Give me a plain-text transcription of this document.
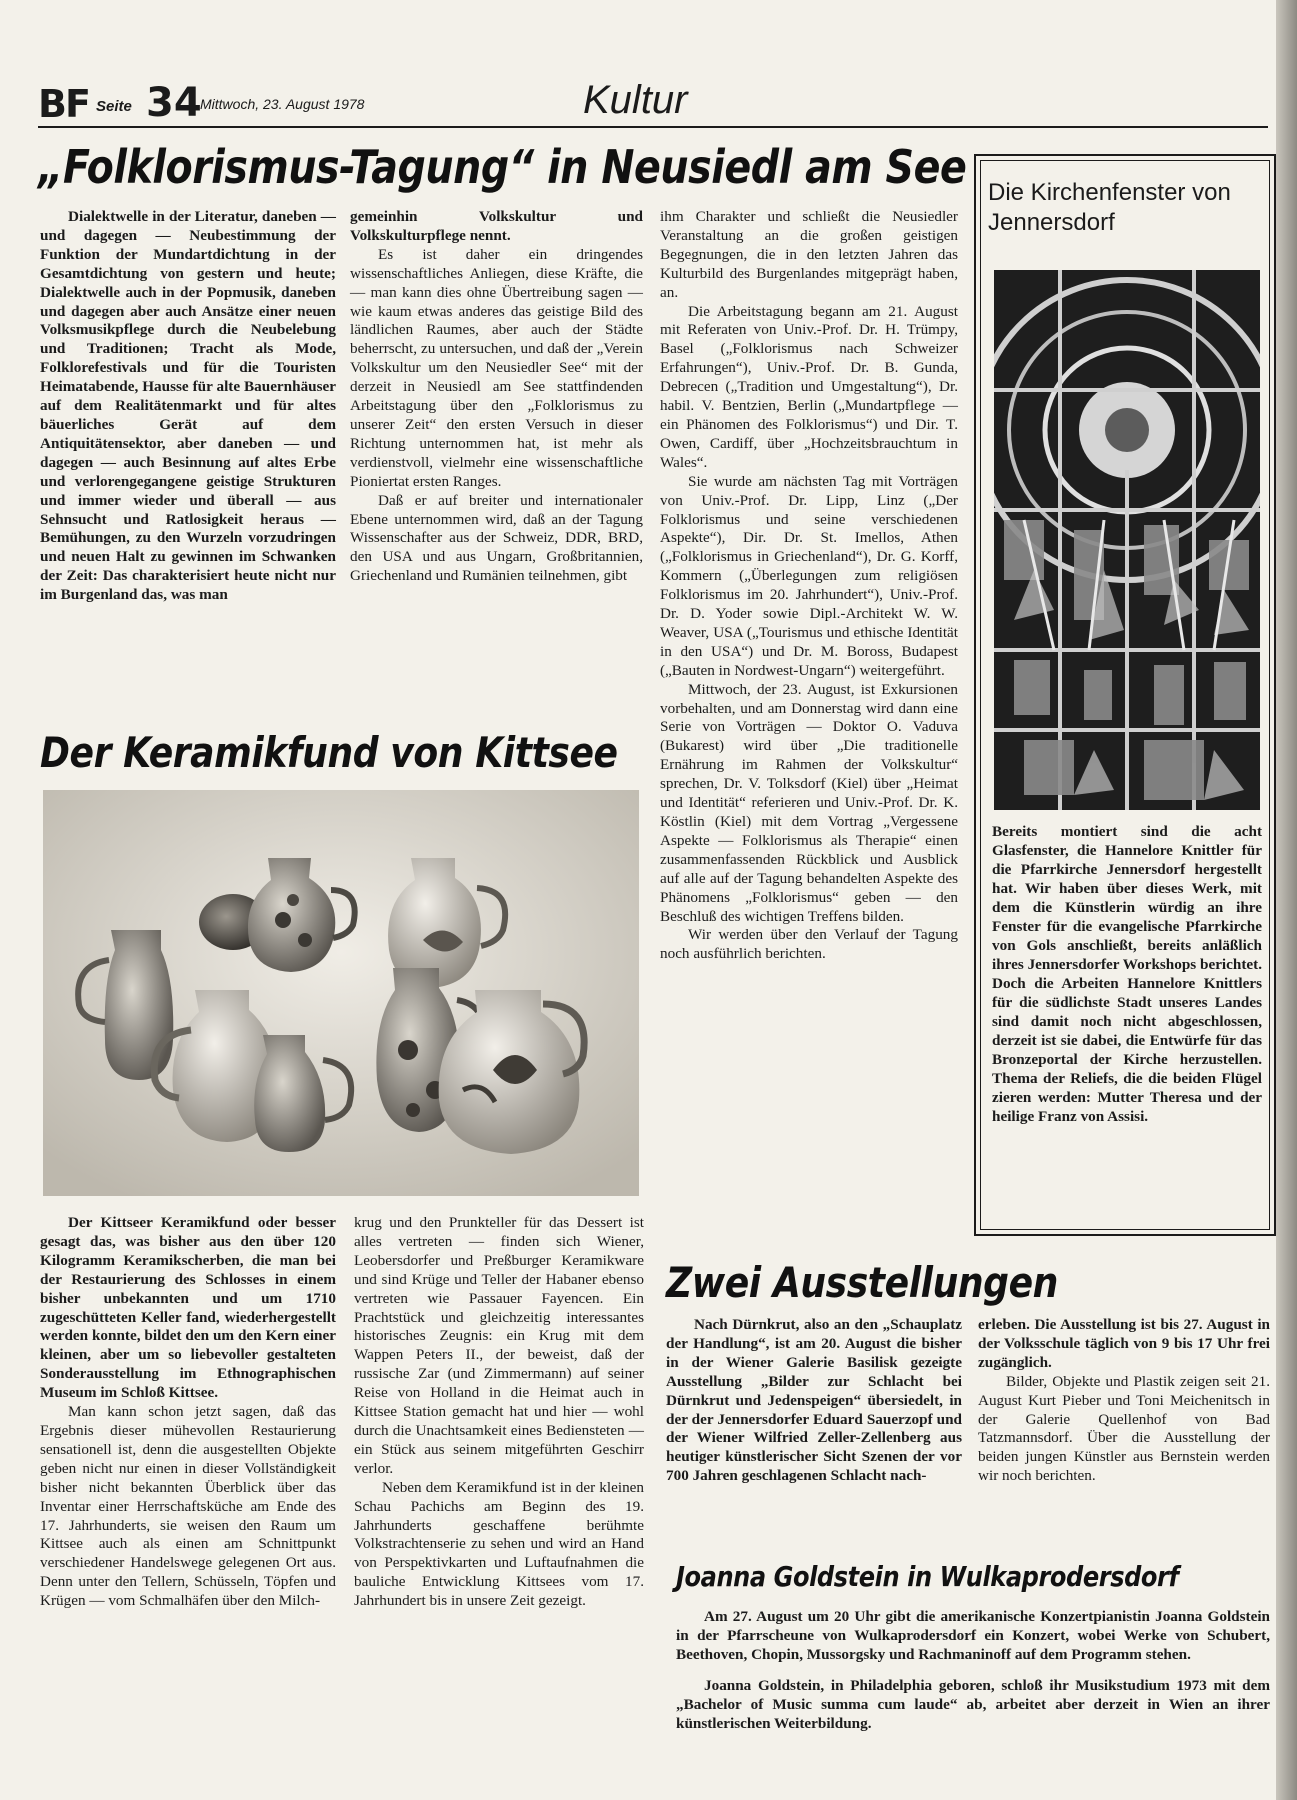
BF Seite 34
Mittwoch, 23. August 1978	Kultur
„Folklorismus-Tagung“ in Neusiedl am See

Dialektwelle in der Literatur, daneben — und dagegen — Neubestimmung der Funktion der Mundartdichtung in der Gesamtdichtung von gestern und heute; Dialektwelle auch in der Popmusik, daneben und dagegen aber auch Ansätze einer neuen Volksmusikpflege durch die Neubelebung und Traditionen; Tracht als Mode, Folklorefestivals und für die Touristen Heimatabende, Hausse für alte Bauernhäuser auf dem Realitätenmarkt und für altes bäuerliches Gerät auf dem Antiquitätensektor, aber daneben — und dagegen — auch Besinnung auf altes Erbe und verlorengegangene geistige Strukturen und immer wieder und überall — aus Sehnsucht und Ratlosigkeit heraus — Bemühungen, zu den Wurzeln vorzudringen und neuen Halt zu gewinnen im Schwanken der Zeit: Das charakterisiert heute nicht nur im Burgenland das, was man

gemeinhin Volkskultur und Volkskulturpflege nennt.

Es ist daher ein dringendes wissenschaftliches Anliegen, diese Kräfte, die — man kann dies ohne Übertreibung sagen — wie kaum etwas anderes das geistige Bild des ländlichen Raumes, aber auch der Städte beherrscht, zu untersuchen, und daß der „Verein Volkskultur um den Neusiedler See“ mit der derzeit in Neusiedl am See stattfindenden Arbeitstagung über den „Folklorismus zu unserer Zeit“ den ersten Versuch in dieser Richtung unternommen hat, ist mehr als verdienstvoll, vielmehr eine wissenschaftliche Pioniertat ersten Ranges.

Daß er auf breiter und internationaler Ebene unternommen wird, daß an der Tagung Wissenschafter aus der Schweiz, DDR, BRD, den USA und aus Ungarn, Großbritannien, Griechenland und Rumänien teilnehmen, gibt

ihm Charakter und schließt die Neusiedler Veranstaltung an die großen geistigen Begegnungen, die in den letzten Jahren das Kulturbild des Burgenlandes mitgeprägt haben, an.

Die Arbeitstagung begann am 21. August mit Referaten von Univ.-Prof. Dr. H. Trümpy, Basel („Folklorismus nach Schweizer Erfahrungen“), Univ.-Prof. Dr. B. Gunda, Debrecen („Tradition und Umgestaltung“), Dr. habil. V. Bentzien, Berlin („Mundartpflege — ein Phänomen des Folklorismus“) und Dir. T. Owen, Cardiff, über „Hochzeitsbrauchtum in Wales“.

Sie wurde am nächsten Tag mit Vorträgen von Univ.-Prof. Dr. Lipp, Linz („Der Folklorismus und seine verschiedenen Aspekte“), Dir. Dr. St. Imellos, Athen („Folklorismus in Griechenland“), Dr. G. Korff, Kommern („Überlegungen zum religiösen Folklorismus im 20. Jahrhundert“), Univ.-Prof. Dr. D. Yoder sowie Dipl.-Architekt W. W. Weaver, USA („Tourismus und ethische Identität in den USA“) und Dr. M. Boross, Budapest („Bauten in Nordwest-Ungarn“) weitergeführt.

Mittwoch, der 23. August, ist Exkursionen vorbehalten, und am Donnerstag wird dann eine Serie von Vorträgen — Doktor O. Vaduva (Bukarest) wird über „Die traditionelle Ernährung im Rahmen der Volkskultur“ sprechen, Dr. V. Tolksdorf (Kiel) über „Heimat und Identität“ referieren und Univ.-Prof. Dr. K. Köstlin (Kiel) mit dem Vortrag „Vergessene Aspekte — Folklorismus als Therapie“ einen zusammenfassenden Rückblick und Ausblick auf alle auf der Tagung behandelten Aspekte des Phänomens „Folklorismus“ geben — den Beschluß des wichtigen Treffens bilden.

Wir werden über den Verlauf der Tagung noch ausführlich berichten.

Der Keramikfund von Kittsee

Der Kittseer Keramikfund oder besser gesagt das, was bisher aus den über 120 Kilogramm Keramikscherben, die man bei der Restaurierung des Schlosses in einem bisher unbekannten und um 1710 zugeschütteten Keller fand, wiederhergestellt werden konnte, bildet den um den Kern einer kleinen, aber um so liebevoller gestalteten Sonderausstellung im Ethnographischen Museum im Schloß Kittsee.

Man kann schon jetzt sagen, daß das Ergebnis dieser mühevollen Restaurierung sensationell ist, denn die ausgestellten Objekte geben nicht nur einen in dieser Vollständigkeit bisher nicht bekannten Überblick über das Inventar einer Herrschaftsküche am Ende des 17. Jahrhunderts, sie weisen den Raum um Kittsee auch als einen am Schnittpunkt verschiedener Handelswege gelegenen Ort aus. Denn unter den Tellern, Schüsseln, Töpfen und Krügen — vom Schmalhäfen über den Milch-

krug und den Prunkteller für das Dessert ist alles vertreten — finden sich Wiener, Leobersdorfer und Preßburger Keramikware und sind Krüge und Teller der Habaner ebenso vertreten wie Passauer Fayencen. Ein Prachtstück und gleichzeitig interessantes historisches Zeugnis: ein Krug mit dem Wappen Peters II., der beweist, daß der russische Zar (und Zimmermann) auf seiner Reise von Holland in die Heimat auch in Kittsee Station gemacht hat und hier — wohl durch die Unachtsamkeit eines Bediensteten — ein Stück aus seinem mitgeführten Geschirr verlor.

Neben dem Keramikfund ist in der kleinen Schau Pachichs am Beginn des 19. Jahrhunderts geschaffene berühmte Volkstrachtenserie zu sehen und wird an Hand von Perspektivkarten und Luftaufnahmen die bauliche Entwicklung Kittsees vom 17. Jahrhundert bis in unsere Zeit gezeigt.

Die Kirchenfenster von Jennersdorf
Bereits montiert sind die acht Glasfenster, die Hannelore Knittler für die Pfarrkirche Jennersdorf hergestellt hat. Wir haben über dieses Werk, mit dem die Künstlerin würdig an ihre Fenster für die evangelische Pfarrkirche von Gols anschließt, bereits anläßlich ihres Jennersdorfer Workshops berichtet. Doch die Arbeiten Hannelore Knittlers für die südlichste Stadt unseres Landes sind damit noch nicht abgeschlossen, derzeit ist sie dabei, die Entwürfe für das Bronzeportal der Kirche herzustellen. Thema der Reliefs, die die beiden Flügel zieren werden: Mutter Theresa und der heilige Franz von Assisi.
Zwei Ausstellungen

Nach Dürnkrut, also an den „Schauplatz der Handlung“, ist am 20. August die bisher in der Wiener Galerie Basilisk gezeigte Ausstellung „Bilder zur Schlacht bei Dürnkrut und Jedenspeigen“ übersiedelt, in der der Jennersdorfer Eduard Sauerzopf und der Wiener Wilfried Zeller-Zellenberg aus heutiger künstlerischer Sicht Szenen der vor 700 Jahren geschlagenen Schlacht nach-

erleben. Die Ausstellung ist bis 27. August in der Volksschule täglich von 9 bis 17 Uhr frei zugänglich.

Bilder, Objekte und Plastik zeigen seit 21. August Kurt Pieber und Toni Meichenitsch in der Galerie Quellenhof von Bad Tatzmannsdorf. Über die Ausstellung der beiden jungen Künstler aus Bernstein werden wir noch berichten.

Joanna Goldstein in Wulkaprodersdorf

Am 27. August um 20 Uhr gibt die amerikanische Konzertpianistin Joanna Goldstein in der Pfarrscheune von Wulkaprodersdorf ein Konzert, wobei Werke von Schubert, Beethoven, Chopin, Mussorgsky und Rachmaninoff auf dem Programm stehen.

Joanna Goldstein, in Philadelphia geboren, schloß ihr Musikstudium 1973 mit dem „Bachelor of Music summa cum laude“ ab, arbeitet aber derzeit in Wien an ihrer künstlerischen Weiterbildung.
